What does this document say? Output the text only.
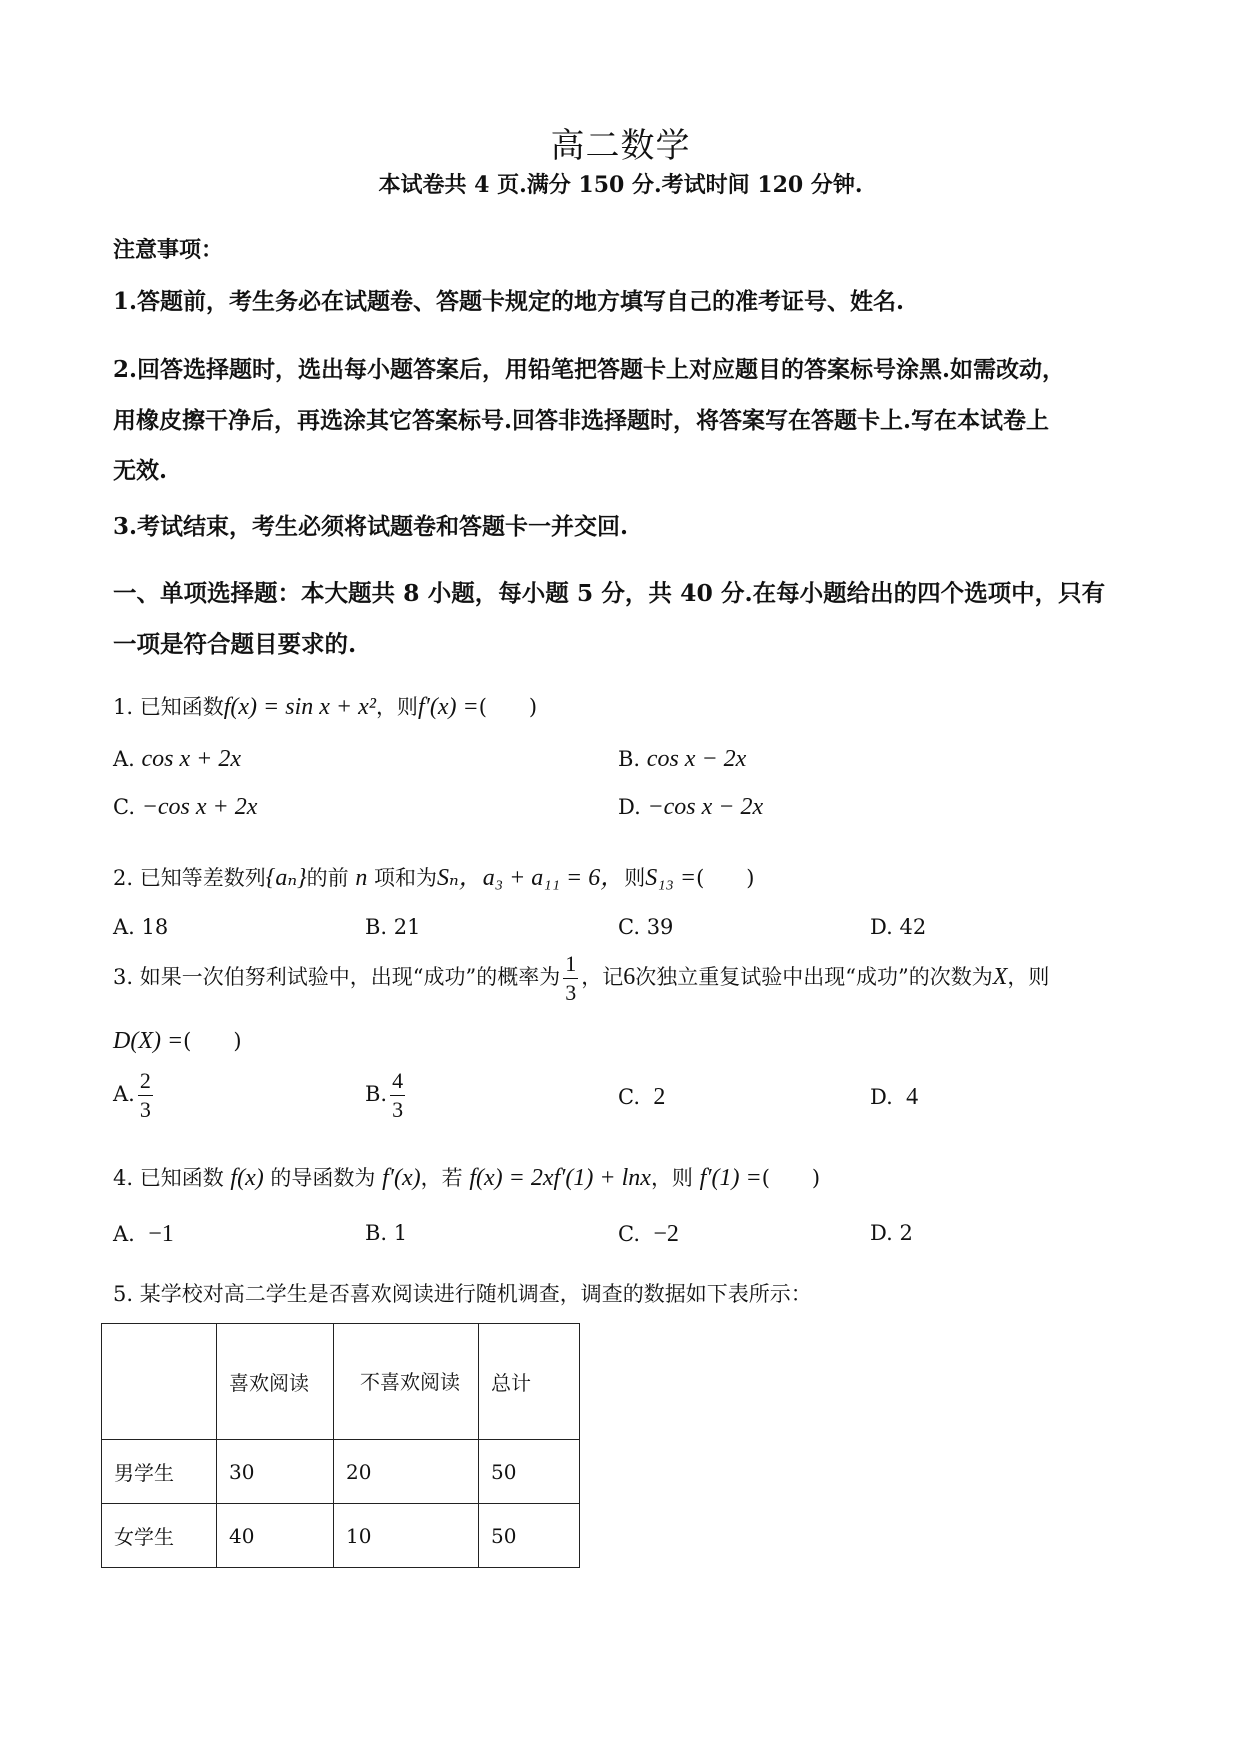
高二数学
本试卷共 4 页.满分 150 分.考试时间 120 分钟.
注意事项：
1.答题前，考生务必在试题卷、答题卡规定的地方填写自己的准考证号、姓名.
2.回答选择题时，选出每小题答案后，用铅笔把答题卡上对应题目的答案标号涂黑.如需改动，
用橡皮擦干净后，再选涂其它答案标号.回答非选择题时，将答案写在答题卡上.写在本试卷上
无效.
3.考试结束，考生必须将试题卷和答题卡一并交回.
一、单项选择题：本大题共 8 小题，每小题 5 分，共 40 分.在每小题给出的四个选项中，只有
一项是符合题目要求的.
1. 已知函数f(x) = sin x + x²，则f′(x) =(　　)
A. cos x + 2x	B. cos x − 2x
C. −cos x + 2x	D. −cos x − 2x
2. 已知等差数列{aₙ}的前 n 项和为Sₙ，a₃ + a₁₁ = 6，则S₁₃ =(　　)
A. 18	B. 21	C. 39	D. 42
3. 如果一次伯努利试验中，出现“成功”的概率为 $\frac{1}{3}$ ，记6次独立重复试验中出现“成功”的次数为X，则
D(X) =(　　)
A. $\frac{2}{3}$	B. $\frac{4}{3}$	C. 2	D. 4
4. 已知函数 f(x) 的导函数为 f′(x)，若 f(x) = 2xf′(1) + lnx，则 f′(1) =(　　)
A. −1	B. 1	C. −2	D. 2
5. 某学校对高二学生是否喜欢阅读进行随机调查，调查的数据如下表所示：
	喜欢阅读	不喜欢阅读	总计
男学生	30	20	50
女学生	40	10	50
